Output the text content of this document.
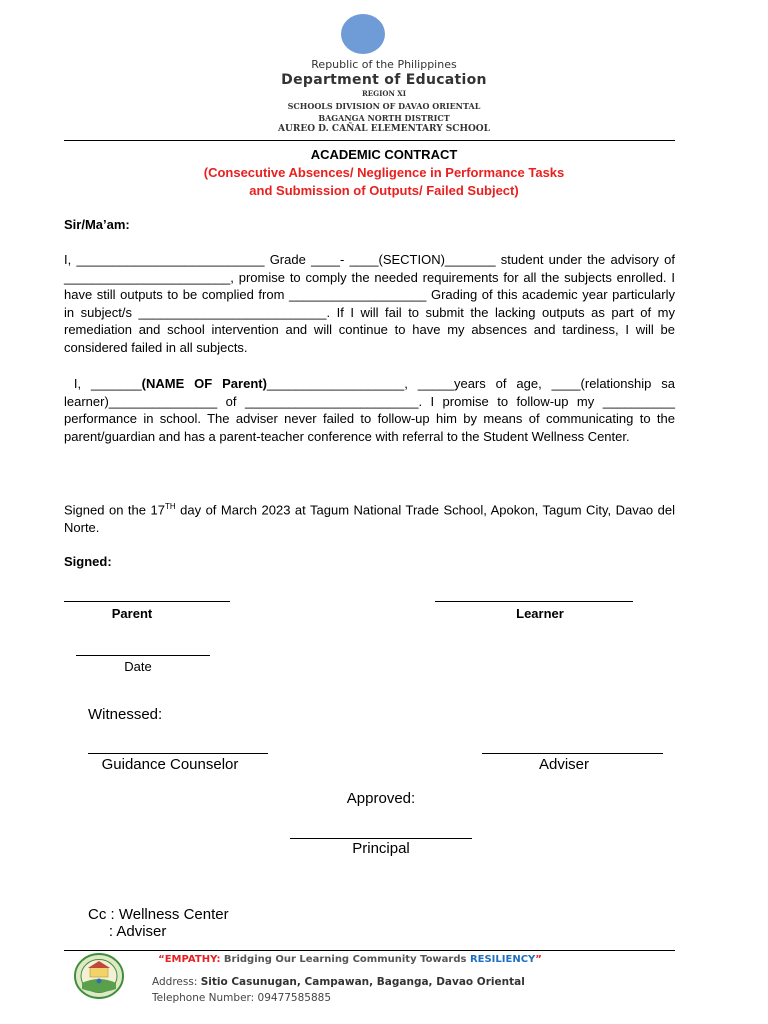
Republic of the Philippines
Department of Education
REGION XI
SCHOOLS DIVISION OF DAVAO ORIENTAL
BAGANGA NORTH DISTRICT
AUREO D. CAÑAL ELEMENTARY SCHOOL
ACADEMIC CONTRACT
(Consecutive Absences/ Negligence in Performance Tasks
and Submission of Outputs/ Failed Subject)
Sir/Ma’am:
I, __________________________ Grade ____- ____(SECTION)_______ student under the advisory of _______________________, promise to comply the needed requirements for all the subjects enrolled. I have still outputs to be complied from ___________________ Grading of this academic year particularly in subject/s __________________________. If I will fail to submit the lacking outputs as part of my remediation and school intervention and will continue to have my absences and tardiness, I will be considered failed in all subjects.
I, _______(NAME OF Parent)___________________, _____years of age, ____(relationship sa learner)_______________ of ________________________. I promise to follow-up my __________ performance in school. The adviser never failed to follow-up him by means of communicating to the parent/guardian and has a parent-teacher conference with referral to the Student Wellness Center.
Signed on the 17TH day of March 2023 at Tagum National Trade School, Apokon, Tagum City, Davao del Norte.
Signed:
Parent	Learner
Date
Witnessed:
Guidance Counselor	Adviser
Approved:
Principal
Cc : Wellness Center
: Adviser
“EMPATHY: Bridging Our Learning Community Towards RESILIENCY”
Address: Sitio Casunugan, Campawan, Baganga, Davao Oriental
Telephone Number: 09477585885
